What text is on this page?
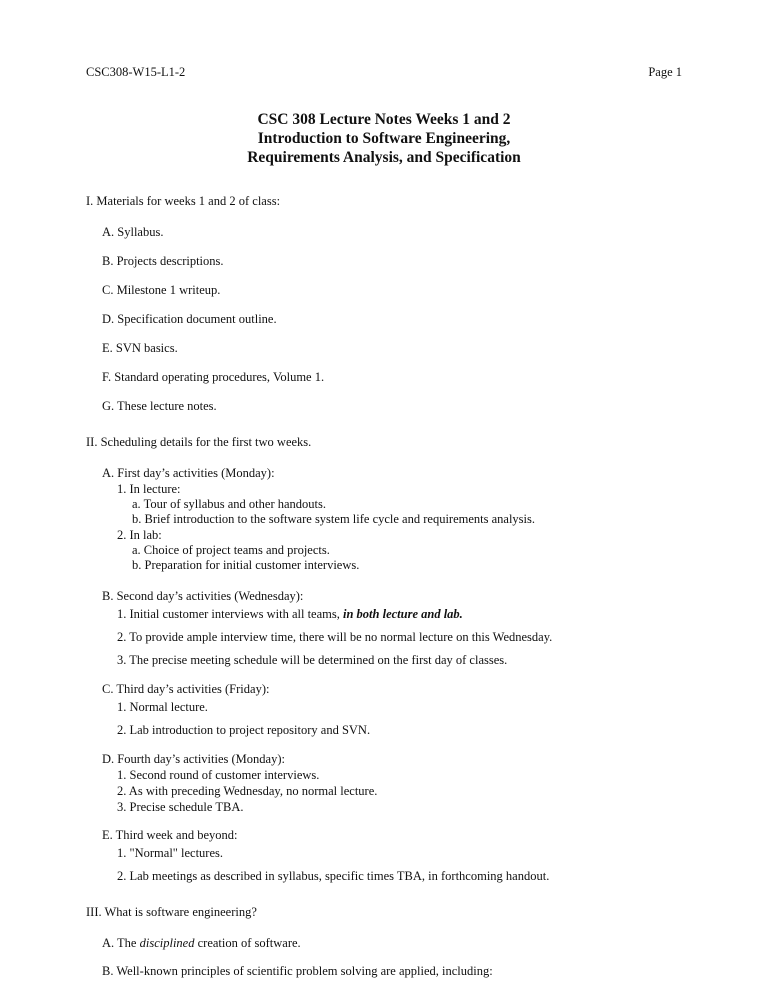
CSC308-W15-L1-2	Page 1
CSC 308 Lecture Notes Weeks 1 and 2
Introduction to Software Engineering,
Requirements Analysis, and Specification
I. Materials for weeks 1 and 2 of class:
A. Syllabus.
B. Projects descriptions.
C. Milestone 1 writeup.
D. Specification document outline.
E. SVN basics.
F. Standard operating procedures, Volume 1.
G. These lecture notes.
II. Scheduling details for the first two weeks.
A. First day’s activities (Monday):
1. In lecture:
a. Tour of syllabus and other handouts.
b. Brief introduction to the software system life cycle and requirements analysis.
2. In lab:
a. Choice of project teams and projects.
b. Preparation for initial customer interviews.
B. Second day’s activities (Wednesday):
1. Initial customer interviews with all teams, in both lecture and lab.
2. To provide ample interview time, there will be no normal lecture on this Wednesday.
3. The precise meeting schedule will be determined on the first day of classes.
C. Third day’s activities (Friday):
1. Normal lecture.
2. Lab introduction to project repository and SVN.
D. Fourth day’s activities (Monday):
1. Second round of customer interviews.
2. As with preceding Wednesday, no normal lecture.
3. Precise schedule TBA.
E. Third week and beyond:
1. "Normal" lectures.
2. Lab meetings as described in syllabus, specific times TBA, in forthcoming handout.
III. What is software engineering?
A. The disciplined creation of software.
B. Well-known principles of scientific problem solving are applied, including:
